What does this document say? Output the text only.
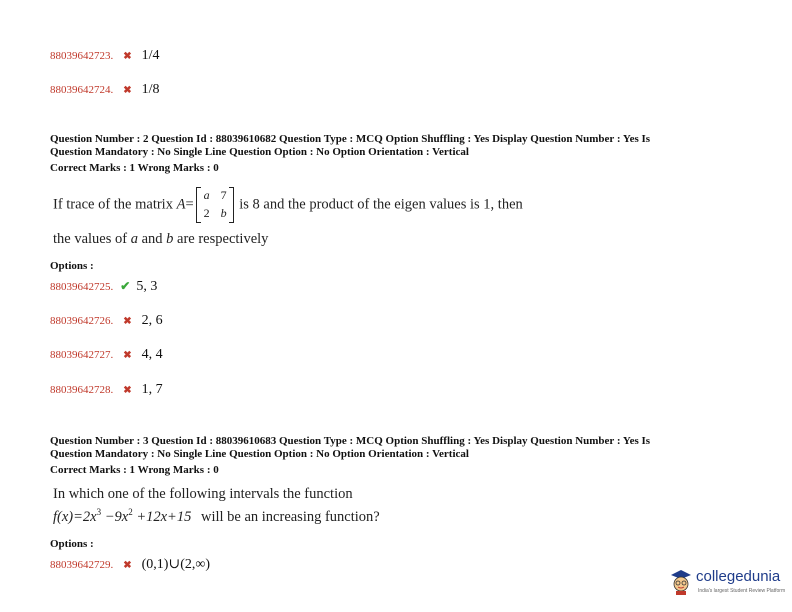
88039642723. ✖ 1/4
88039642724. ✖ 1/8
Question Number : 2 Question Id : 88039610682 Question Type : MCQ Option Shuffling : Yes Display Question Number : Yes Is
Question Mandatory : No Single Line Question Option : No Option Orientation : Vertical
Correct Marks : 1 Wrong Marks : 0
If trace of the matrix A=
a 7
2 b
is 8 and the product of the eigen values is 1, then
the values of a and b are respectively
Options :
88039642725. ✔ 5, 3
88039642726. ✖ 2, 6
88039642727. ✖ 4, 4
88039642728. ✖ 1, 7
Question Number : 3 Question Id : 88039610683 Question Type : MCQ Option Shuffling : Yes Display Question Number : Yes Is
Question Mandatory : No Single Line Question Option : No Option Orientation : Vertical
Correct Marks : 1 Wrong Marks : 0
In which one of the following intervals the function
$f(x)=2x^3 -9x^2 +12x+15$ will be an increasing function?
Options :
88039642729. ✖ (0,1)∪(2,∞)
collegedunia
India's largest Student Review Platform
